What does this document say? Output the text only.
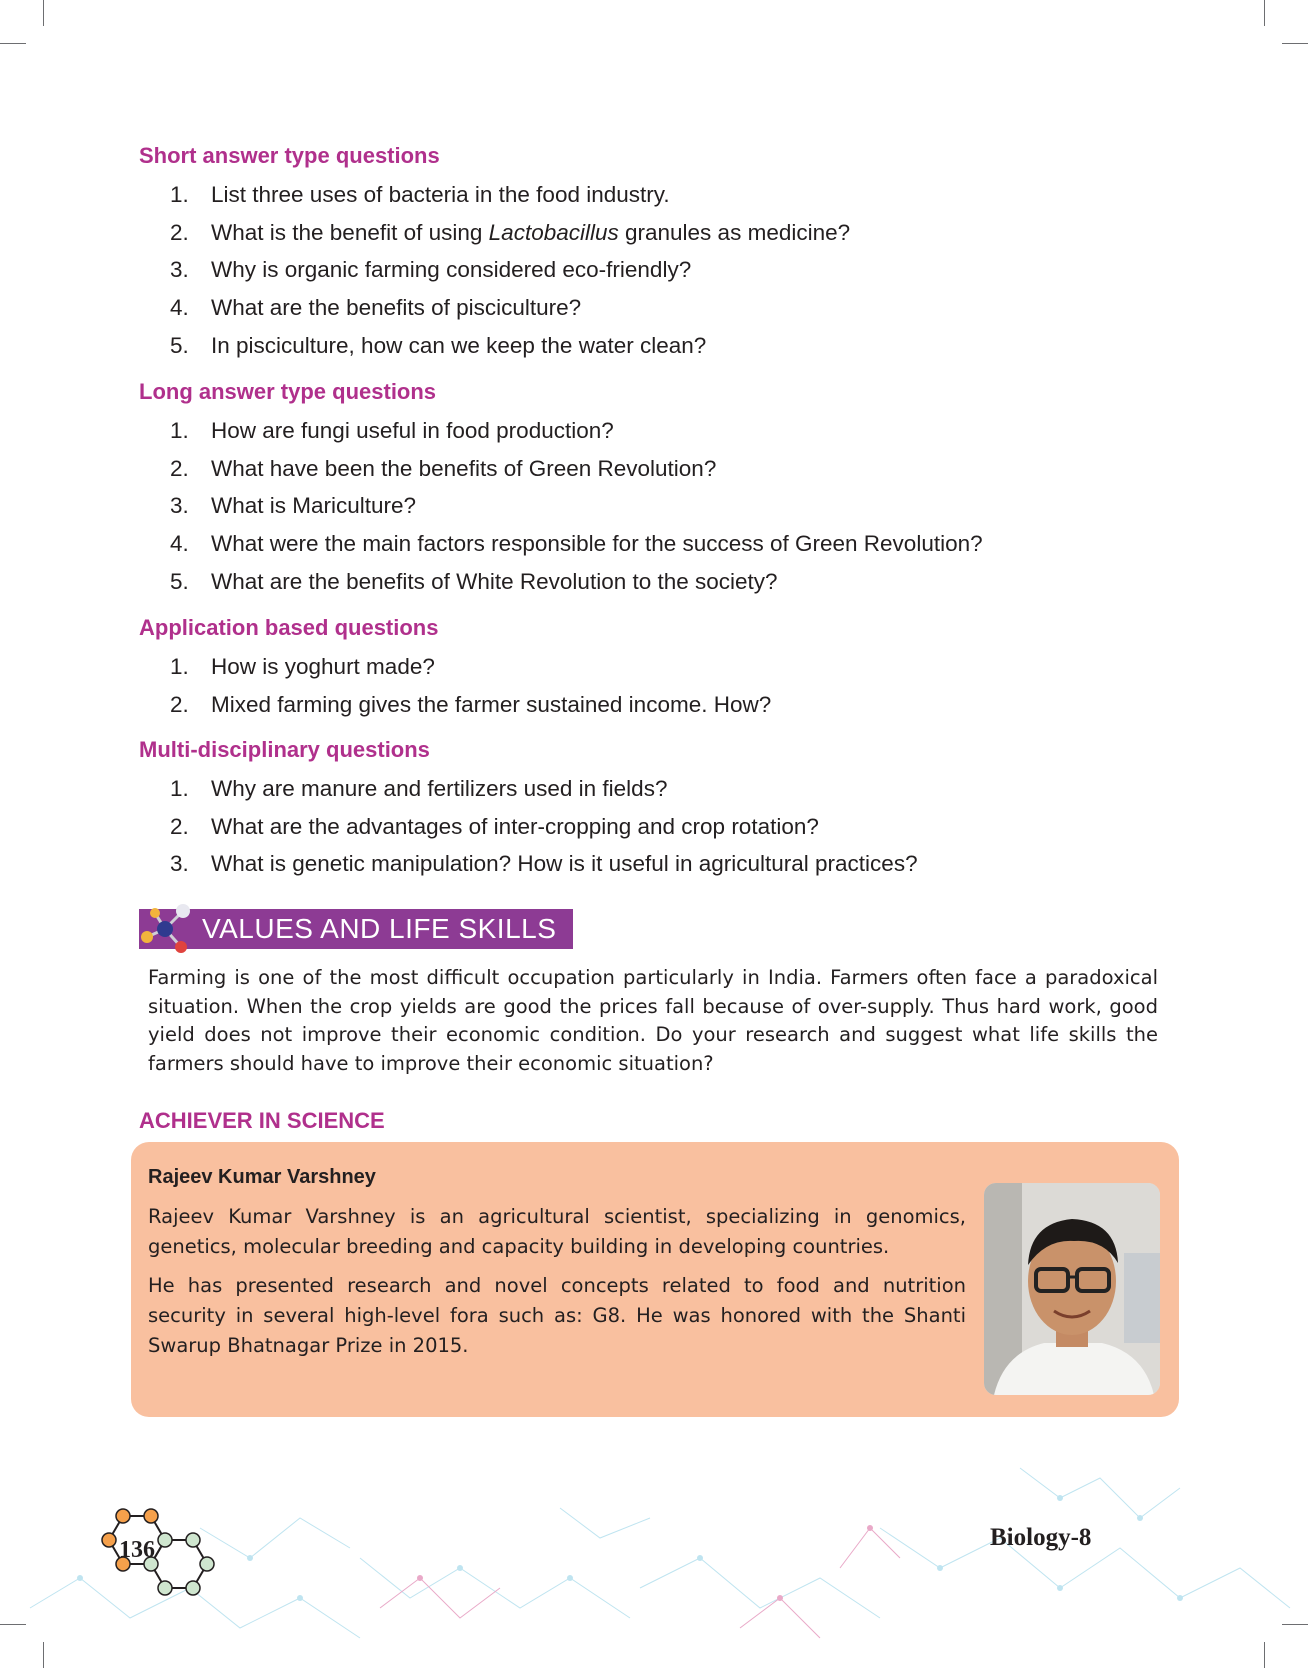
Short answer type questions
1. List three uses of bacteria in the food industry.
2. What is the benefit of using Lactobacillus granules as medicine?
3. Why is organic farming considered eco-friendly?
4. What are the benefits of pisciculture?
5. In pisciculture, how can we keep the water clean?
Long answer type questions
1. How are fungi useful in food production?
2. What have been the benefits of Green Revolution?
3. What is Mariculture?
4. What were the main factors responsible for the success of Green Revolution?
5. What are the benefits of White Revolution to the society?
Application based questions
1. How is yoghurt made?
2. Mixed farming gives the farmer sustained income. How?
Multi-disciplinary questions
1. Why are manure and fertilizers used in fields?
2. What are the advantages of inter-cropping and crop rotation?
3. What is genetic manipulation? How is it useful in agricultural practices?
VALUES AND LIFE SKILLS

Farming is one of the most difficult occupation particularly in India. Farmers often face a paradoxical situation. When the crop yields are good the prices fall because of over-supply. Thus hard work, good yield does not improve their economic condition. Do your research and suggest what life skills the farmers should have to improve their economic situation?

ACHIEVER IN SCIENCE
Rajeev Kumar Varshney

Rajeev Kumar Varshney is an agricultural scientist, specializing in genomics, genetics, molecular breeding and capacity building in developing countries.

He has presented research and novel concepts related to food and nutrition security in several high-level fora such as: G8. He was honored with the Shanti Swarup Bhatnagar Prize in 2015.

136	Biology-8
